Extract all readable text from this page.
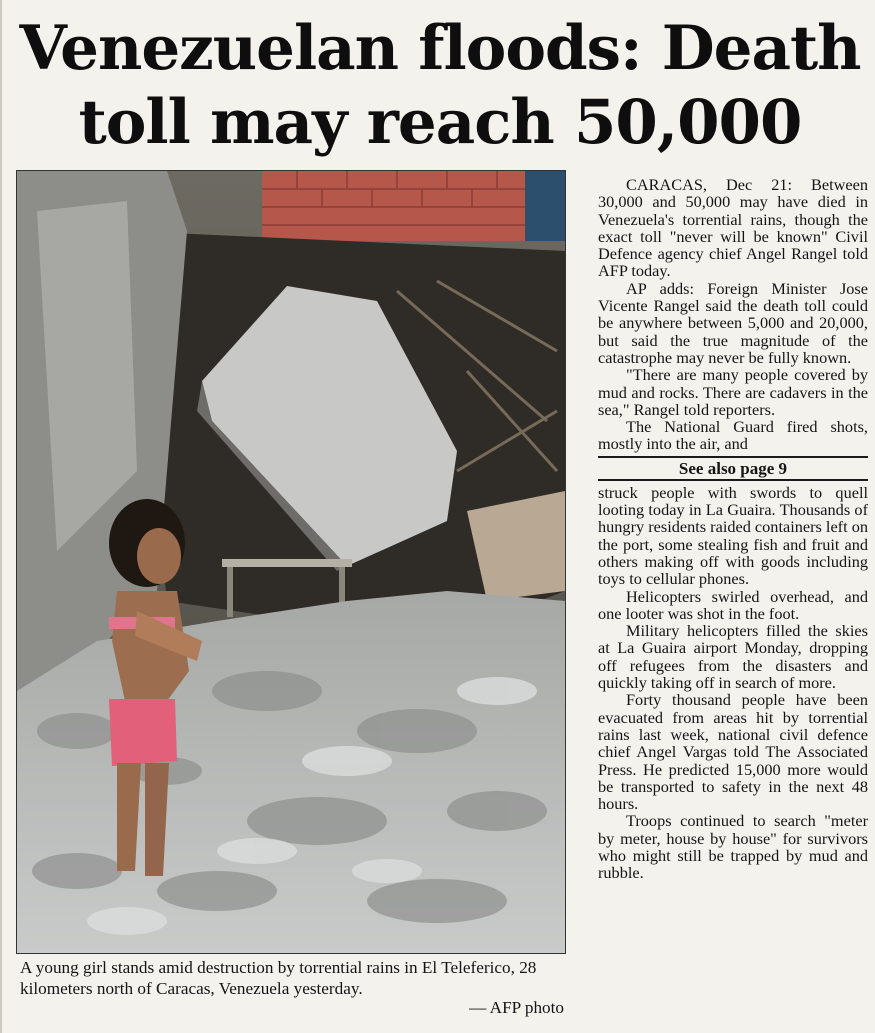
Venezuelan floods: Death
toll may reach 50,000

A young girl stands amid destruction by torrential rains in El Teleferico, 28 kilometers north of Caracas, Venezuela yesterday.

— AFP photo

CARACAS, Dec 21: Between 30,000 and 50,000 may have died in Venezuela's torrential rains, though the exact toll "never will be known" Civil Defence agency chief Angel Rangel told AFP today.

AP adds: Foreign Minister Jose Vicente Rangel said the death toll could be anywhere between 5,000 and 20,000, but said the true magnitude of the catastrophe may never be fully known.

"There are many people covered by mud and rocks. There are cadavers in the sea," Rangel told reporters.

The National Guard fired shots, mostly into the air, and

See also page 9

struck people with swords to quell looting today in La Guaira. Thousands of hungry residents raided containers left on the port, some stealing fish and fruit and others making off with goods including toys to cellular phones.

Helicopters swirled overhead, and one looter was shot in the foot.

Military helicopters filled the skies at La Guaira airport Monday, dropping off refugees from the disasters and quickly taking off in search of more.

Forty thousand people have been evacuated from areas hit by torrential rains last week, national civil defence chief Angel Vargas told The Associated Press. He predicted 15,000 more would be transported to safety in the next 48 hours.

Troops continued to search "meter by meter, house by house" for survivors who might still be trapped by mud and rubble.
